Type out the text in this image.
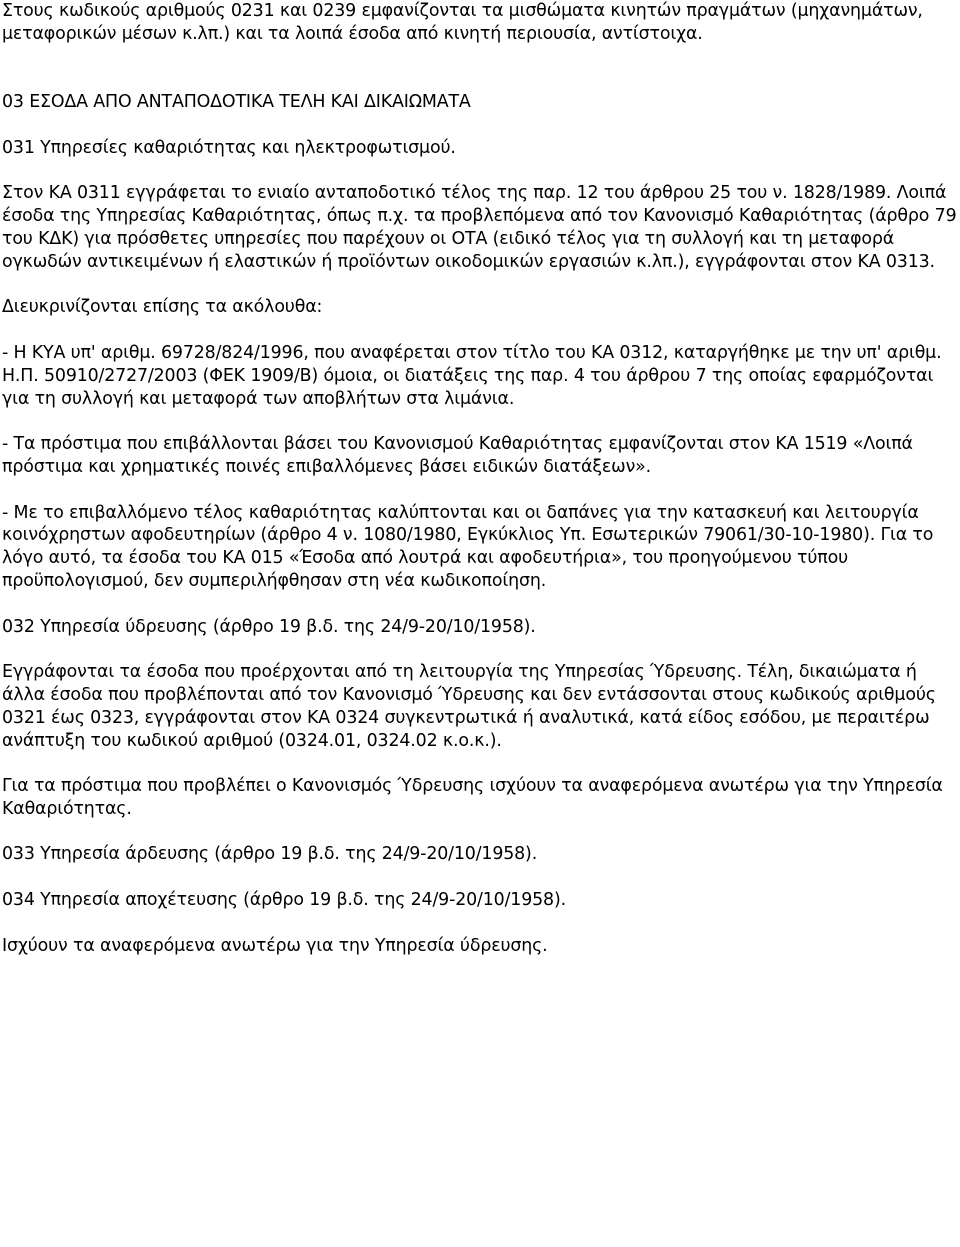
Στους κωδικούς αριθμούς 0231 και 0239 εμφανίζονται τα μισθώματα κινητών πραγμάτων (μηχανημάτων, μεταφορικών μέσων κ.λπ.) και τα λοιπά έσοδα από κινητή περιουσία, αντίστοιχα.

03 ΕΣΟΔΑ ΑΠΟ ΑΝΤΑΠΟΔΟΤΙΚΑ ΤΕΛΗ ΚΑΙ ΔΙΚΑΙΩΜΑΤΑ

031 Υπηρεσίες καθαριότητας και ηλεκτροφωτισμού.

Στον ΚΑ 0311 εγγράφεται το ενιαίο ανταποδοτικό τέλος της παρ. 12 του άρθρου 25 του ν. 1828/1989. Λοιπά έσοδα της Υπηρεσίας Καθαριότητας, όπως π.χ. τα προβλεπόμενα από τον Κανονισμό Καθαριότητας (άρθρο 79 του ΚΔΚ) για πρόσθετες υπηρεσίες που παρέχουν οι ΟΤΑ (ειδικό τέλος για τη συλλογή και τη μεταφορά ογκωδών αντικειμένων ή ελαστικών ή προϊόντων οικοδομικών εργασιών κ.λπ.), εγγράφονται στον ΚΑ 0313.

Διευκρινίζονται επίσης τα ακόλουθα:

- Η ΚΥΑ υπ' αριθμ. 69728/824/1996, που αναφέρεται στον τίτλο του ΚΑ 0312, καταργήθηκε με την υπ' αριθμ. Η.Π. 50910/2727/2003 (ΦΕΚ 1909/Β) όμοια, οι διατάξεις της παρ. 4 του άρθρου 7 της οποίας εφαρμόζονται για τη συλλογή και μεταφορά των αποβλήτων στα λιμάνια.

- Τα πρόστιμα που επιβάλλονται βάσει του Κανονισμού Καθαριότητας εμφανίζονται στον ΚΑ 1519 «Λοιπά πρόστιμα και χρηματικές ποινές επιβαλλόμενες βάσει ειδικών διατάξεων».

- Με το επιβαλλόμενο τέλος καθαριότητας καλύπτονται και οι δαπάνες για την κατασκευή και λειτουργία κοινόχρηστων αφοδευτηρίων (άρθρο 4 ν. 1080/1980, Εγκύκλιος Υπ. Εσωτερικών 79061/30-10-1980). Για το λόγο αυτό, τα έσοδα του ΚΑ 015 «Έσοδα από λουτρά και αφοδευτήρια», του προηγούμενου τύπου προϋπολογισμού, δεν συμπεριλήφθησαν στη νέα κωδικοποίηση.

032 Υπηρεσία ύδρευσης (άρθρο 19 β.δ. της 24/9-20/10/1958).

Εγγράφονται τα έσοδα που προέρχονται από τη λειτουργία της Υπηρεσίας Ύδρευσης. Τέλη, δικαιώματα ή άλλα έσοδα που προβλέπονται από τον Κανονισμό Ύδρευσης και δεν εντάσσονται στους κωδικούς αριθμούς 0321 έως 0323, εγγράφονται στον ΚΑ 0324 συγκεντρωτικά ή αναλυτικά, κατά είδος εσόδου, με περαιτέρω ανάπτυξη του κωδικού αριθμού (0324.01, 0324.02 κ.ο.κ.).

Για τα πρόστιμα που προβλέπει ο Κανονισμός Ύδρευσης ισχύουν τα αναφερόμενα ανωτέρω για την Υπηρεσία Καθαριότητας.

033 Υπηρεσία άρδευσης (άρθρο 19 β.δ. της 24/9-20/10/1958).

034 Υπηρεσία αποχέτευσης (άρθρο 19 β.δ. της 24/9-20/10/1958).

Ισχύουν τα αναφερόμενα ανωτέρω για την Υπηρεσία ύδρευσης.
